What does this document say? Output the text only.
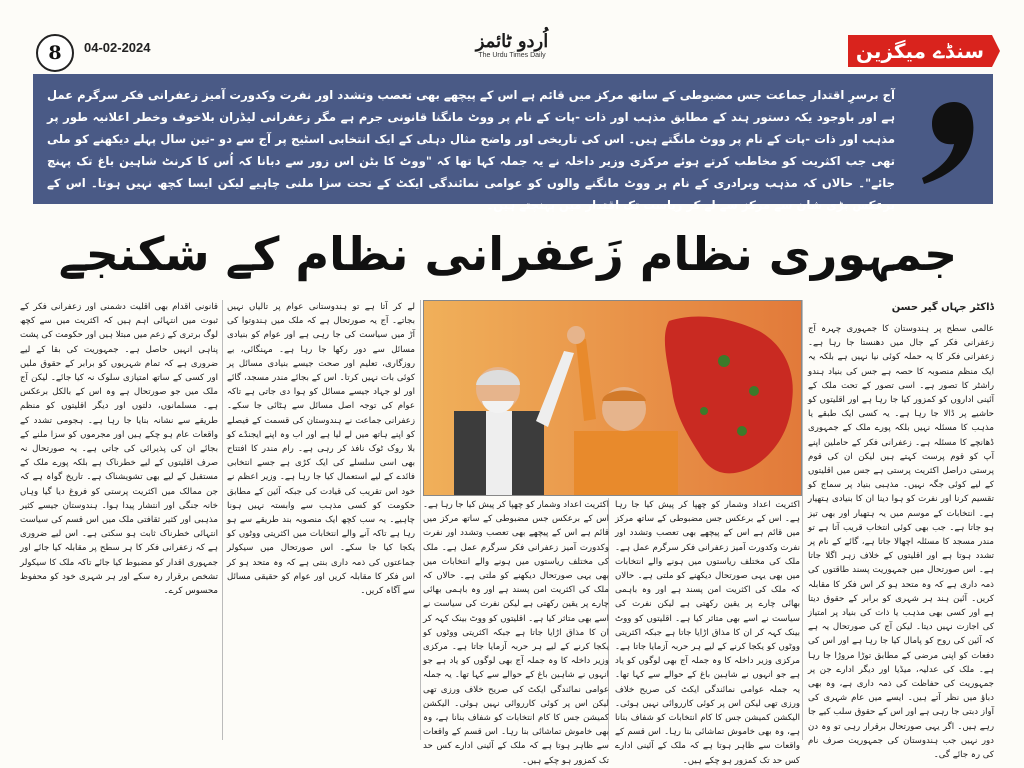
8	04-02-2024	اُردو ٹائمز
The Urdu Times Daily	سنڈے میگزین
آج برسرِ اقتدار جماعت جس مضبوطی کے ساتھ مرکز میں قائم ہے اس کے پیچھے بھی تعصب وتشدد اور نفرت وکدورت آمیز زعفرانی فکر سرگرم عمل ہے اور باوجود یکہ دستور ہند کے مطابق مذہب اور ذات -پات کے نام پر ووٹ مانگنا قانونی جرم ہے مگر زعفرانی لیڈران بلاخوف وخطر اعلانیہ طور پر مذہب اور ذات -پات کے نام پر ووٹ مانگتے ہیں۔ اس کی تاریخی اور واضح مثال دہلی کے ایک انتخابی اسٹیج پر آج سے دو -تین سال پہلے دیکھنے کو ملی تھی جب اکثریت کو مخاطب کرتے ہوئے مرکزی وزیر داخلہ نے یہ جملہ کہا تھا کہ "ووٹ کا بٹن اس زور سے دبانا کہ اُس کا کرنٹ شاہین باغ تک پہنچ جائے"۔ حالاں کہ مذہب وبرادری کے نام پر ووٹ مانگنے والوں کو عوامی نمائندگی ایکٹ کے تحت سزا ملنی چاہیے لیکن ایسا کچھ نہیں ہوتا۔ اس کے برعکس بڑی شان سے مرکز سے لے کر ریاست تک اقتدار میں پہنچتے ہیں۔
جمہوری نظام زَعفرانی نظام کے شکنجے
ڈاکٹر جہاں گیر حسن
عالمی سطح پر ہندوستان کا جمہوری چہرہ آج زعفرانی فکر کے جال میں دھنستا جا رہا ہے۔ زعفرانی فکر کا یہ حملہ کوئی نیا نہیں ہے بلکہ یہ ایک منظم منصوبہ کا حصہ ہے جس کی بنیاد ہندو راشٹر کا تصور ہے۔ اسی تصور کے تحت ملک کے آئینی اداروں کو کمزور کیا جا رہا ہے اور اقلیتوں کو حاشیے پر ڈالا جا رہا ہے۔ یہ کسی ایک طبقے یا مذہب کا مسئلہ نہیں بلکہ پورے ملک کے جمہوری ڈھانچے کا مسئلہ ہے۔ زعفرانی فکر کے حاملین اپنے آپ کو قوم پرست کہتے ہیں لیکن ان کی قوم پرستی دراصل اکثریت پرستی ہے جس میں اقلیتوں کے لیے کوئی جگہ نہیں۔ مذہبی بنیاد پر سماج کو تقسیم کرنا اور نفرت کو ہوا دینا ان کا بنیادی ہتھیار ہے۔ انتخابات کے موسم میں یہ ہتھیار اور بھی تیز ہو جاتا ہے۔ جب بھی کوئی انتخاب قریب آتا ہے تو مندر مسجد کا مسئلہ اچھالا جاتا ہے، گائے کے نام پر تشدد ہوتا ہے اور اقلیتوں کے خلاف زہر اگلا جاتا ہے۔ اس صورتحال میں جمہوریت پسند طاقتوں کی ذمہ داری ہے کہ وہ متحد ہو کر اس فکر کا مقابلہ کریں۔ آئین ہند ہر شہری کو برابر کے حقوق دیتا ہے اور کسی بھی مذہب یا ذات کی بنیاد پر امتیاز کی اجازت نہیں دیتا۔ لیکن آج کی صورتحال یہ ہے کہ آئین کی روح کو پامال کیا جا رہا ہے اور اس کی دفعات کو اپنی مرضی کے مطابق توڑا مروڑا جا رہا ہے۔ ملک کی عدلیہ، میڈیا اور دیگر ادارے جن پر جمہوریت کی حفاظت کی ذمہ داری ہے، وہ بھی دباؤ میں نظر آتے ہیں۔ ایسے میں عام شہری کی آواز دبتی جا رہی ہے اور اس کے حقوق سلب کیے جا رہے ہیں۔ اگر یہی صورتحال برقرار رہی تو وہ دن دور نہیں جب ہندوستان کی جمہوریت صرف نام کی رہ جائے گی۔
اکثریت اعداد وشمار کو چھپا کر پیش کیا جا رہا ہے۔ اس کے برعکس جس مضبوطی کے ساتھ مرکز میں قائم ہے اس کے پیچھے بھی تعصب وتشدد اور نفرت وکدورت آمیز زعفرانی فکر سرگرم عمل ہے۔ ملک کی مختلف ریاستوں میں ہونے والے انتخابات میں بھی یہی صورتحال دیکھنے کو ملتی ہے۔ حالاں کہ ملک کی اکثریت امن پسند ہے اور وہ باہمی بھائی چارے پر یقین رکھتی ہے لیکن نفرت کی سیاست نے اسے بھی متاثر کیا ہے۔ اقلیتوں کو ووٹ بینک کہہ کر ان کا مذاق اڑایا جاتا ہے جبکہ اکثریتی ووٹوں کو یکجا کرنے کے لیے ہر حربہ آزمایا جاتا ہے۔ مرکزی وزیر داخلہ کا وہ جملہ آج بھی لوگوں کو یاد ہے جو انہوں نے شاہین باغ کے حوالے سے کہا تھا۔ یہ جملہ عوامی نمائندگی ایکٹ کی صریح خلاف ورزی تھی لیکن اس پر کوئی کارروائی نہیں ہوئی۔ الیکشن کمیشن جس کا کام انتخابات کو شفاف بنانا ہے، وہ بھی خاموش تماشائی بنا رہا۔ اس قسم کے واقعات سے ظاہر ہوتا ہے کہ ملک کے آئینی ادارے کس حد تک کمزور ہو چکے ہیں۔
لے کر آتا ہے تو ہندوستانی عوام پر تالیاں نہیں بجاتے۔ آج یہ صورتحال ہے کہ ملک میں ہندوتوا کی آڑ میں سیاست کی جا رہی ہے اور عوام کو بنیادی مسائل سے دور رکھا جا رہا ہے۔ مہنگائی، بے روزگاری، تعلیم اور صحت جیسے بنیادی مسائل پر کوئی بات نہیں کرتا۔ اس کے بجائے مندر مسجد، گائے اور لو جہاد جیسے مسائل کو ہوا دی جاتی ہے تاکہ عوام کی توجہ اصل مسائل سے ہٹائی جا سکے۔ زعفرانی جماعت نے ہندوستان کی قسمت کے فیصلے کو اپنے ہاتھ میں لے لیا ہے اور اب وہ اپنے ایجنڈے کو بلا روک ٹوک نافذ کر رہی ہے۔ رام مندر کا افتتاح بھی اسی سلسلے کی ایک کڑی ہے جسے انتخابی فائدے کے لیے استعمال کیا جا رہا ہے۔ وزیر اعظم نے خود اس تقریب کی قیادت کی جبکہ آئین کے مطابق حکومت کو کسی مذہب سے وابستہ نہیں ہونا چاہیے۔ یہ سب کچھ ایک منصوبہ بند طریقے سے ہو رہا ہے تاکہ آنے والے انتخابات میں اکثریتی ووٹوں کو یکجا کیا جا سکے۔ اس صورتحال میں سیکولر جماعتوں کی ذمہ داری بنتی ہے کہ وہ متحد ہو کر اس فکر کا مقابلہ کریں اور عوام کو حقیقی مسائل سے آگاہ کریں۔
قانونی اقدام بھی اقلیت دشمنی اور زعفرانی فکر کے ثبوت میں انتہائی اہم ہیں کہ اکثریت میں سے کچھ لوگ برتری کے زعم میں مبتلا ہیں اور حکومت کی پشت پناہی انہیں حاصل ہے۔ جمہوریت کی بقا کے لیے ضروری ہے کہ تمام شہریوں کو برابر کے حقوق ملیں اور کسی کے ساتھ امتیازی سلوک نہ کیا جائے۔ لیکن آج ملک میں جو صورتحال ہے وہ اس کے بالکل برعکس ہے۔ مسلمانوں، دلتوں اور دیگر اقلیتوں کو منظم طریقے سے نشانہ بنایا جا رہا ہے۔ ہجومی تشدد کے واقعات عام ہو چکے ہیں اور مجرموں کو سزا ملنے کے بجائے ان کی پذیرائی کی جاتی ہے۔ یہ صورتحال نہ صرف اقلیتوں کے لیے خطرناک ہے بلکہ پورے ملک کے مستقبل کے لیے بھی تشویشناک ہے۔ تاریخ گواہ ہے کہ جن ممالک میں اکثریت پرستی کو فروغ دیا گیا وہاں خانہ جنگی اور انتشار پیدا ہوا۔ ہندوستان جیسے کثیر مذہبی اور کثیر ثقافتی ملک میں اس قسم کی سیاست انتہائی خطرناک ثابت ہو سکتی ہے۔ اس لیے ضروری ہے کہ زعفرانی فکر کا ہر سطح پر مقابلہ کیا جائے اور جمہوری اقدار کو مضبوط کیا جائے تاکہ ملک کا سیکولر تشخص برقرار رہ سکے اور ہر شہری خود کو محفوظ محسوس کرے۔
اکثریت اعداد وشمار کو چھپا کر پیش کیا جا رہا ہے۔ اس کے برعکس جس مضبوطی کے ساتھ مرکز میں قائم ہے اس کے پیچھے بھی تعصب وتشدد اور نفرت وکدورت آمیز زعفرانی فکر سرگرم عمل ہے۔ ملک کی مختلف ریاستوں میں ہونے والے انتخابات میں بھی یہی صورتحال دیکھنے کو ملتی ہے۔ حالاں کہ ملک کی اکثریت امن پسند ہے اور وہ باہمی بھائی چارے پر یقین رکھتی ہے لیکن نفرت کی سیاست نے اسے بھی متاثر کیا ہے۔ اقلیتوں کو ووٹ بینک کہہ کر ان کا مذاق اڑایا جاتا ہے جبکہ اکثریتی ووٹوں کو یکجا کرنے کے لیے ہر حربہ آزمایا جاتا ہے۔ مرکزی وزیر داخلہ کا وہ جملہ آج بھی لوگوں کو یاد ہے جو انہوں نے شاہین باغ کے حوالے سے کہا تھا۔ یہ جملہ عوامی نمائندگی ایکٹ کی صریح خلاف ورزی تھی لیکن اس پر کوئی کارروائی نہیں ہوئی۔ الیکشن کمیشن جس کا کام انتخابات کو شفاف بنانا ہے، وہ بھی خاموش تماشائی بنا رہا۔ اس قسم کے واقعات سے ظاہر ہوتا ہے کہ ملک کے آئینی ادارے کس حد تک کمزور ہو چکے ہیں۔
